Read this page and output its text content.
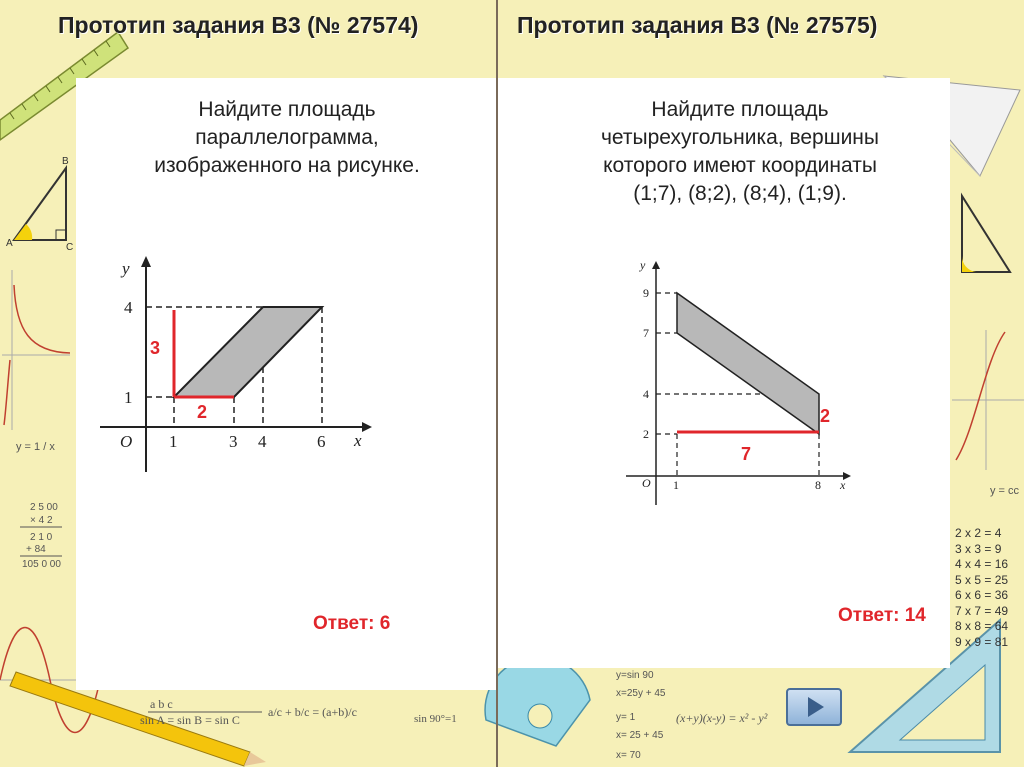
A
B
C
y = 1 / x
2 5 00
× 4 2
2 1 0
+ 84
105 0 00
a b c
sin A = sin B = sin C
a/c + b/c = (a+b)/c	sin 90°=1
y=sin 90
x=25y + 45
y= 1
x= 25 + 45
x= 70
(x+y)(x-y) = x² - y²
y = cc
2 x 2 = 4
3 x 3 = 9
4 x 4 = 16
5 x 5 = 25
6 x 6 = 36
7 x 7 = 49
8 x 8 = 64
9 x 9 = 81
Прототип задания B3 (№ 27574)	Прототип задания B3 (№ 27575)
Найдите площадь
параллелограмма,
изображенного на рисунке.
Найдите площадь
четырехугольника, вершины
которого имеют координаты
(1;7), (8;2), (8;4), (1;9).
3
2
O 1	3 4	6 x
1
4
y
2
7
O 1	8 x
2
4
7
9
y
Ответ: 6	Ответ: 14
